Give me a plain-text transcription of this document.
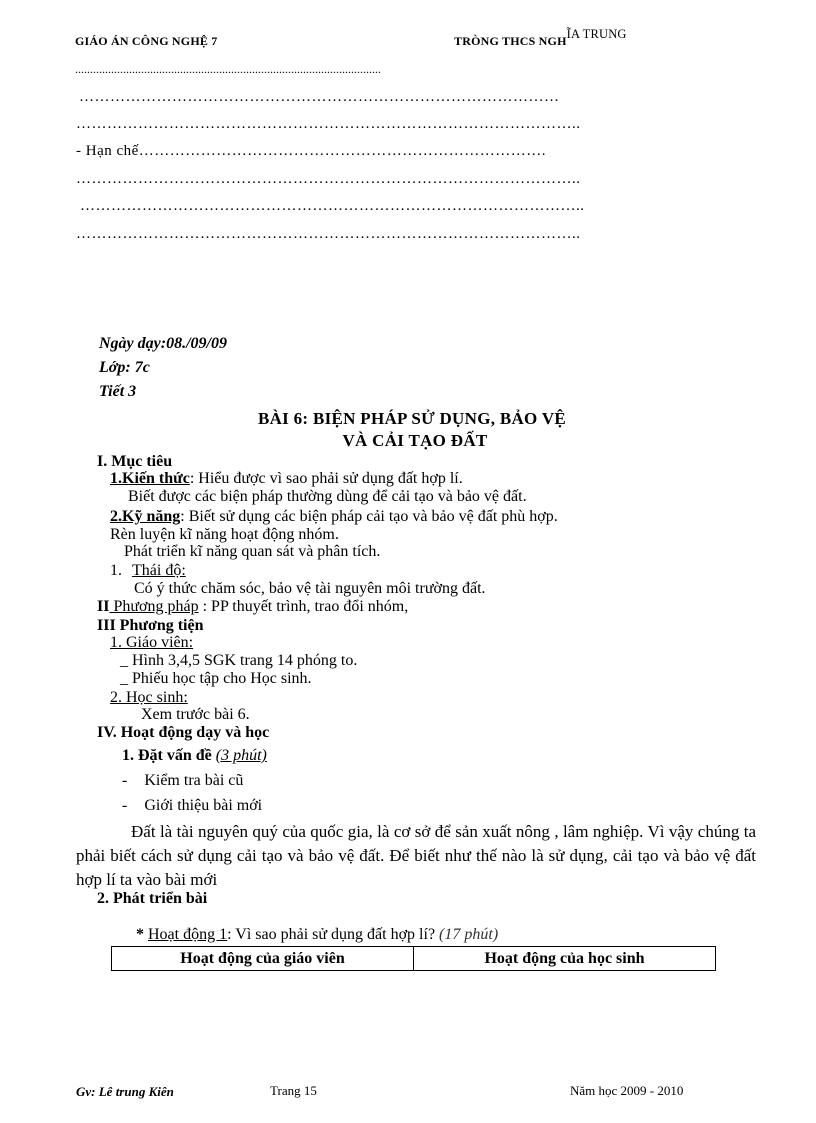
GIÁO ÁN CÔNG NGHỆ 7	TRÒNG THCS NGHĨA TRUNG
......................................................................................................
…………………………………………………………………………………
……………………………………………………………………………………..
- Hạn chế…………………………………………………………………….
……………………………………………………………………………………..
……………………………………………………………………………………..
……………………………………………………………………………………..
Ngày dạy:08./09/09
Lớp: 7c
Tiết 3
BÀI 6: BIỆN PHÁP SỬ DỤNG, BẢO VỆ
VÀ CẢI TẠO ĐẤT
I. Mục tiêu
1.Kiến thức: Hiểu được vì sao phải sử dụng đất hợp lí.
Biết được các biện pháp thường dùng để cải tạo và bảo vệ đất.
2.Kỹ năng: Biết sử dụng các biện pháp cải tạo và bảo vệ đất phù hợp.
Rèn luyện kĩ năng hoạt động nhóm.
Phát triển kĩ năng quan sát và phân tích.
1. Thái độ:
Có ý thức chăm sóc, bảo vệ tài nguyên môi trường đất.
II Phương pháp : PP thuyết trình, trao đổi nhóm,
III Phương tiện
1. Giáo viên:
_ Hình 3,4,5 SGK trang 14 phóng to.
_ Phiếu học tập cho Học sinh.
2. Học sinh:
Xem trước bài 6.
IV. Hoạt động dạy và học
1. Đặt vấn đề (3 phút)
- Kiểm tra bài cũ
- Giới thiệu bài mới
Đất là tài nguyên quý của quốc gia, là cơ sở để sản xuất nông , lâm nghiệp. Vì vậy chúng ta phải biết cách sử dụng cải tạo và bảo vệ đất. Để biết như thế nào là sử dụng, cải tạo và bảo vệ đất hợp lí ta vào bài mới
2. Phát triển bài
* Hoạt động 1: Vì sao phải sử dụng đất hợp lí? (17 phút)
Hoạt động của giáo viên	Hoạt động của học sinh
Gv: Lê trung Kiên	Trang 15	Năm học 2009 - 2010
